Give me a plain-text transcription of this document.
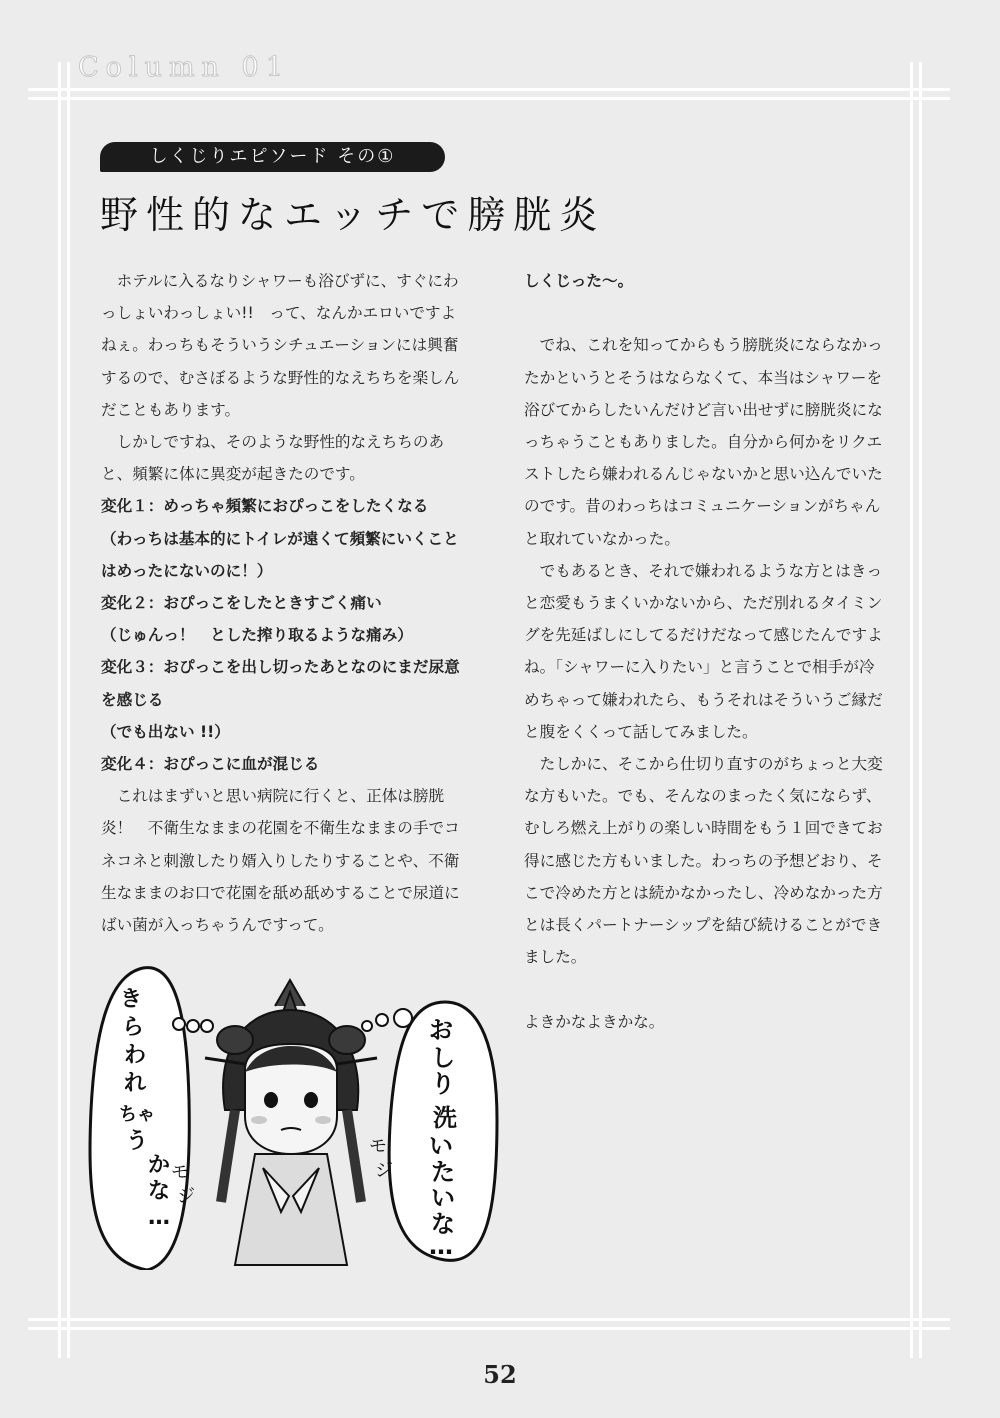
Column 01
しくじりエピソード その①
野性的なエッチで膀胱炎

　ホテルに入るなりシャワーも浴びずに、すぐにわっしょいわっしょい!!　って、なんかエロいですよねぇ。わっちもそういうシチュエーションには興奮するので、むさぼるような野性的なえちちを楽しんだこともあります。

　しかしですね、そのような野性的なえちちのあと、頻繁に体に異変が起きたのです。

変化１：めっちゃ頻繁におぴっこをしたくなる

（わっちは基本的にトイレが遠くて頻繁にいくことはめったにないのに！）

変化２：おぴっこをしたときすごく痛い

（じゅんっ！　とした搾り取るような痛み）

変化３：おぴっこを出し切ったあとなのにまだ尿意を感じる

（でも出ない !!）

変化４：おぴっこに血が混じる

　これはまずいと思い病院に行くと、正体は膀胱炎！　不衛生なままの花園を不衛生なままの手でコネコネと刺激したり婿入りしたりすることや、不衛生なままのお口で花園を舐め舐めすることで尿道にばい菌が入っちゃうんですって。

しくじった〜。

　でね、これを知ってからもう膀胱炎にならなかったかというとそうはならなくて、本当はシャワーを浴びてからしたいんだけど言い出せずに膀胱炎になっちゃうこともありました。自分から何かをリクエストしたら嫌われるんじゃないかと思い込んでいたのです。昔のわっちはコミュニケーションがちゃんと取れていなかった。

　でもあるとき、それで嫌われるような方とはきっと恋愛もうまくいかないから、ただ別れるタイミングを先延ばしにしてるだけだなって感じたんですよね。「シャワーに入りたい」と言うことで相手が冷めちゃって嫌われたら、もうそれはそういうご縁だと腹をくくって話してみました。

　たしかに、そこから仕切り直すのがちょっと大変な方もいた。でも、そんなのまったく気にならず、むしろ燃え上がりの楽しい時間をもう１回できてお得に感じた方もいました。わっちの予想どおり、そこで冷めた方とは続かなかったし、冷めなかった方とは長くパートナーシップを結び続けることができました。

よきかなよきかな。

き
ら
わ
れ
ちゃ
う
か
な
…
お
し
り
洗
い
た
い
な
…
モ
ジ
モ
ジ
52
